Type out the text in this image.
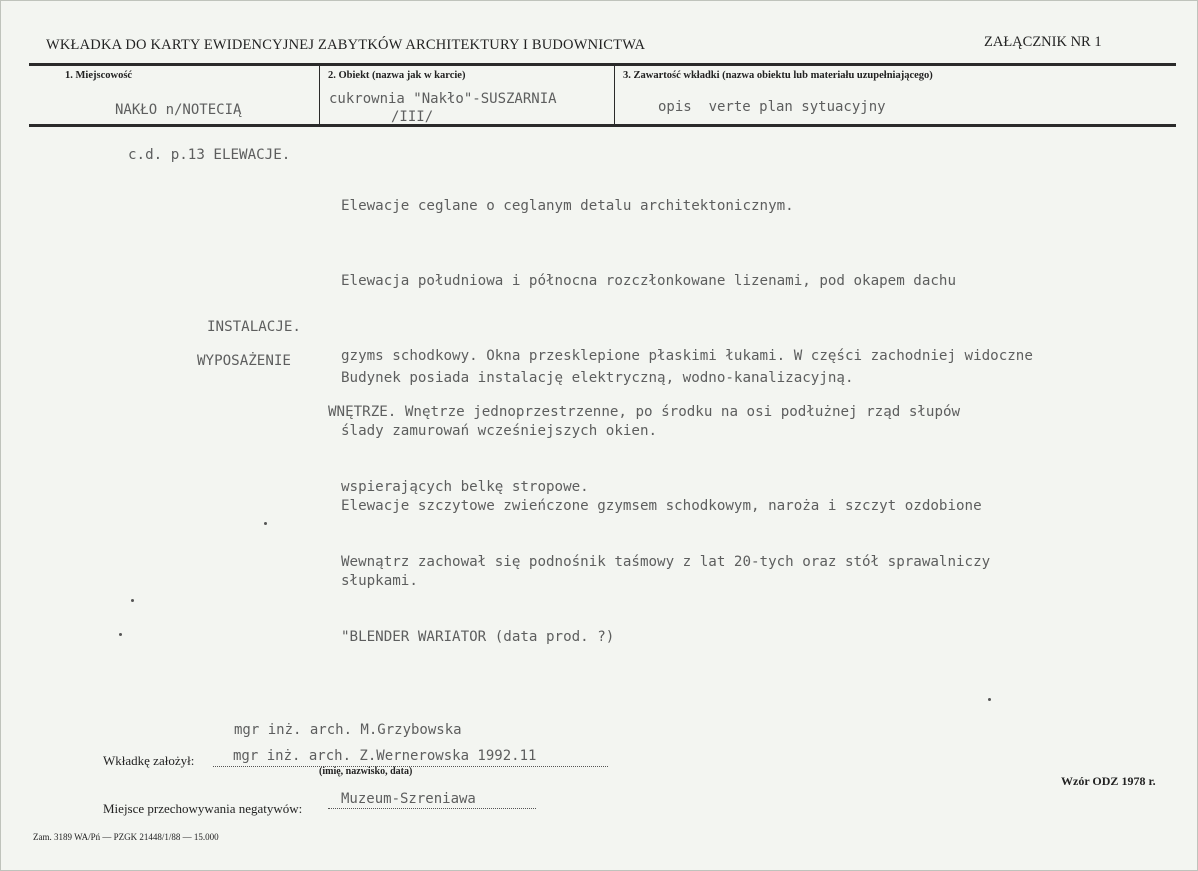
WKŁADKA DO KARTY EWIDENCYJNEJ ZABYTKÓW ARCHITEKTURY I BUDOWNICTWA	ZAŁĄCZNIK NR 1
1. Miejscowość
NAKŁO n/NOTECIĄ
2. Obiekt (nazwa jak w karcie)
cukrownia "Nakło"-SUSZARNIA
/III/
3. Zawartość wkładki (nazwa obiektu lub materiału uzupełniającego)
opis  verte plan sytuacyjny
c.d. p.13 ELEWACJE.

Elewacje ceglane o ceglanym detalu architektonicznym.

Elewacja południowa i północna rozczłonkowane lizenami, pod okapem dachu

gzyms schodkowy. Okna przesklepione płaskimi łukami. W części zachodniej widoczne

ślady zamurowań wcześniejszych okien.

Elewacje szczytowe zwieńczone gzymsem schodkowym, naroża i szczyt ozdobione

słupkami.

INSTALACJE.

Budynek posiada instalację elektryczną, wodno-kanalizacyjną.

WYPOSAŻENIE

WNĘTRZE. Wnętrze jednoprzestrzenne, po środku na osi podłużnej rząd słupów

wspierających belkę stropowe.

Wewnątrz zachował się podnośnik taśmowy z lat 20-tych oraz stół sprawalniczy

"BLENDER WARIATOR (data prod. ?)

mgr inż. arch. M.Grzybowska
Wkładkę założył:	mgr inż. arch. Z.Wernerowska 1992.11
(imię, nazwisko, data)
Wzór ODZ 1978 r.
Miejsce przechowywania negatywów:
Muzeum-Szreniawa
Zam. 3189 WA/Pń — PZGK 21448/1/88 — 15.000
